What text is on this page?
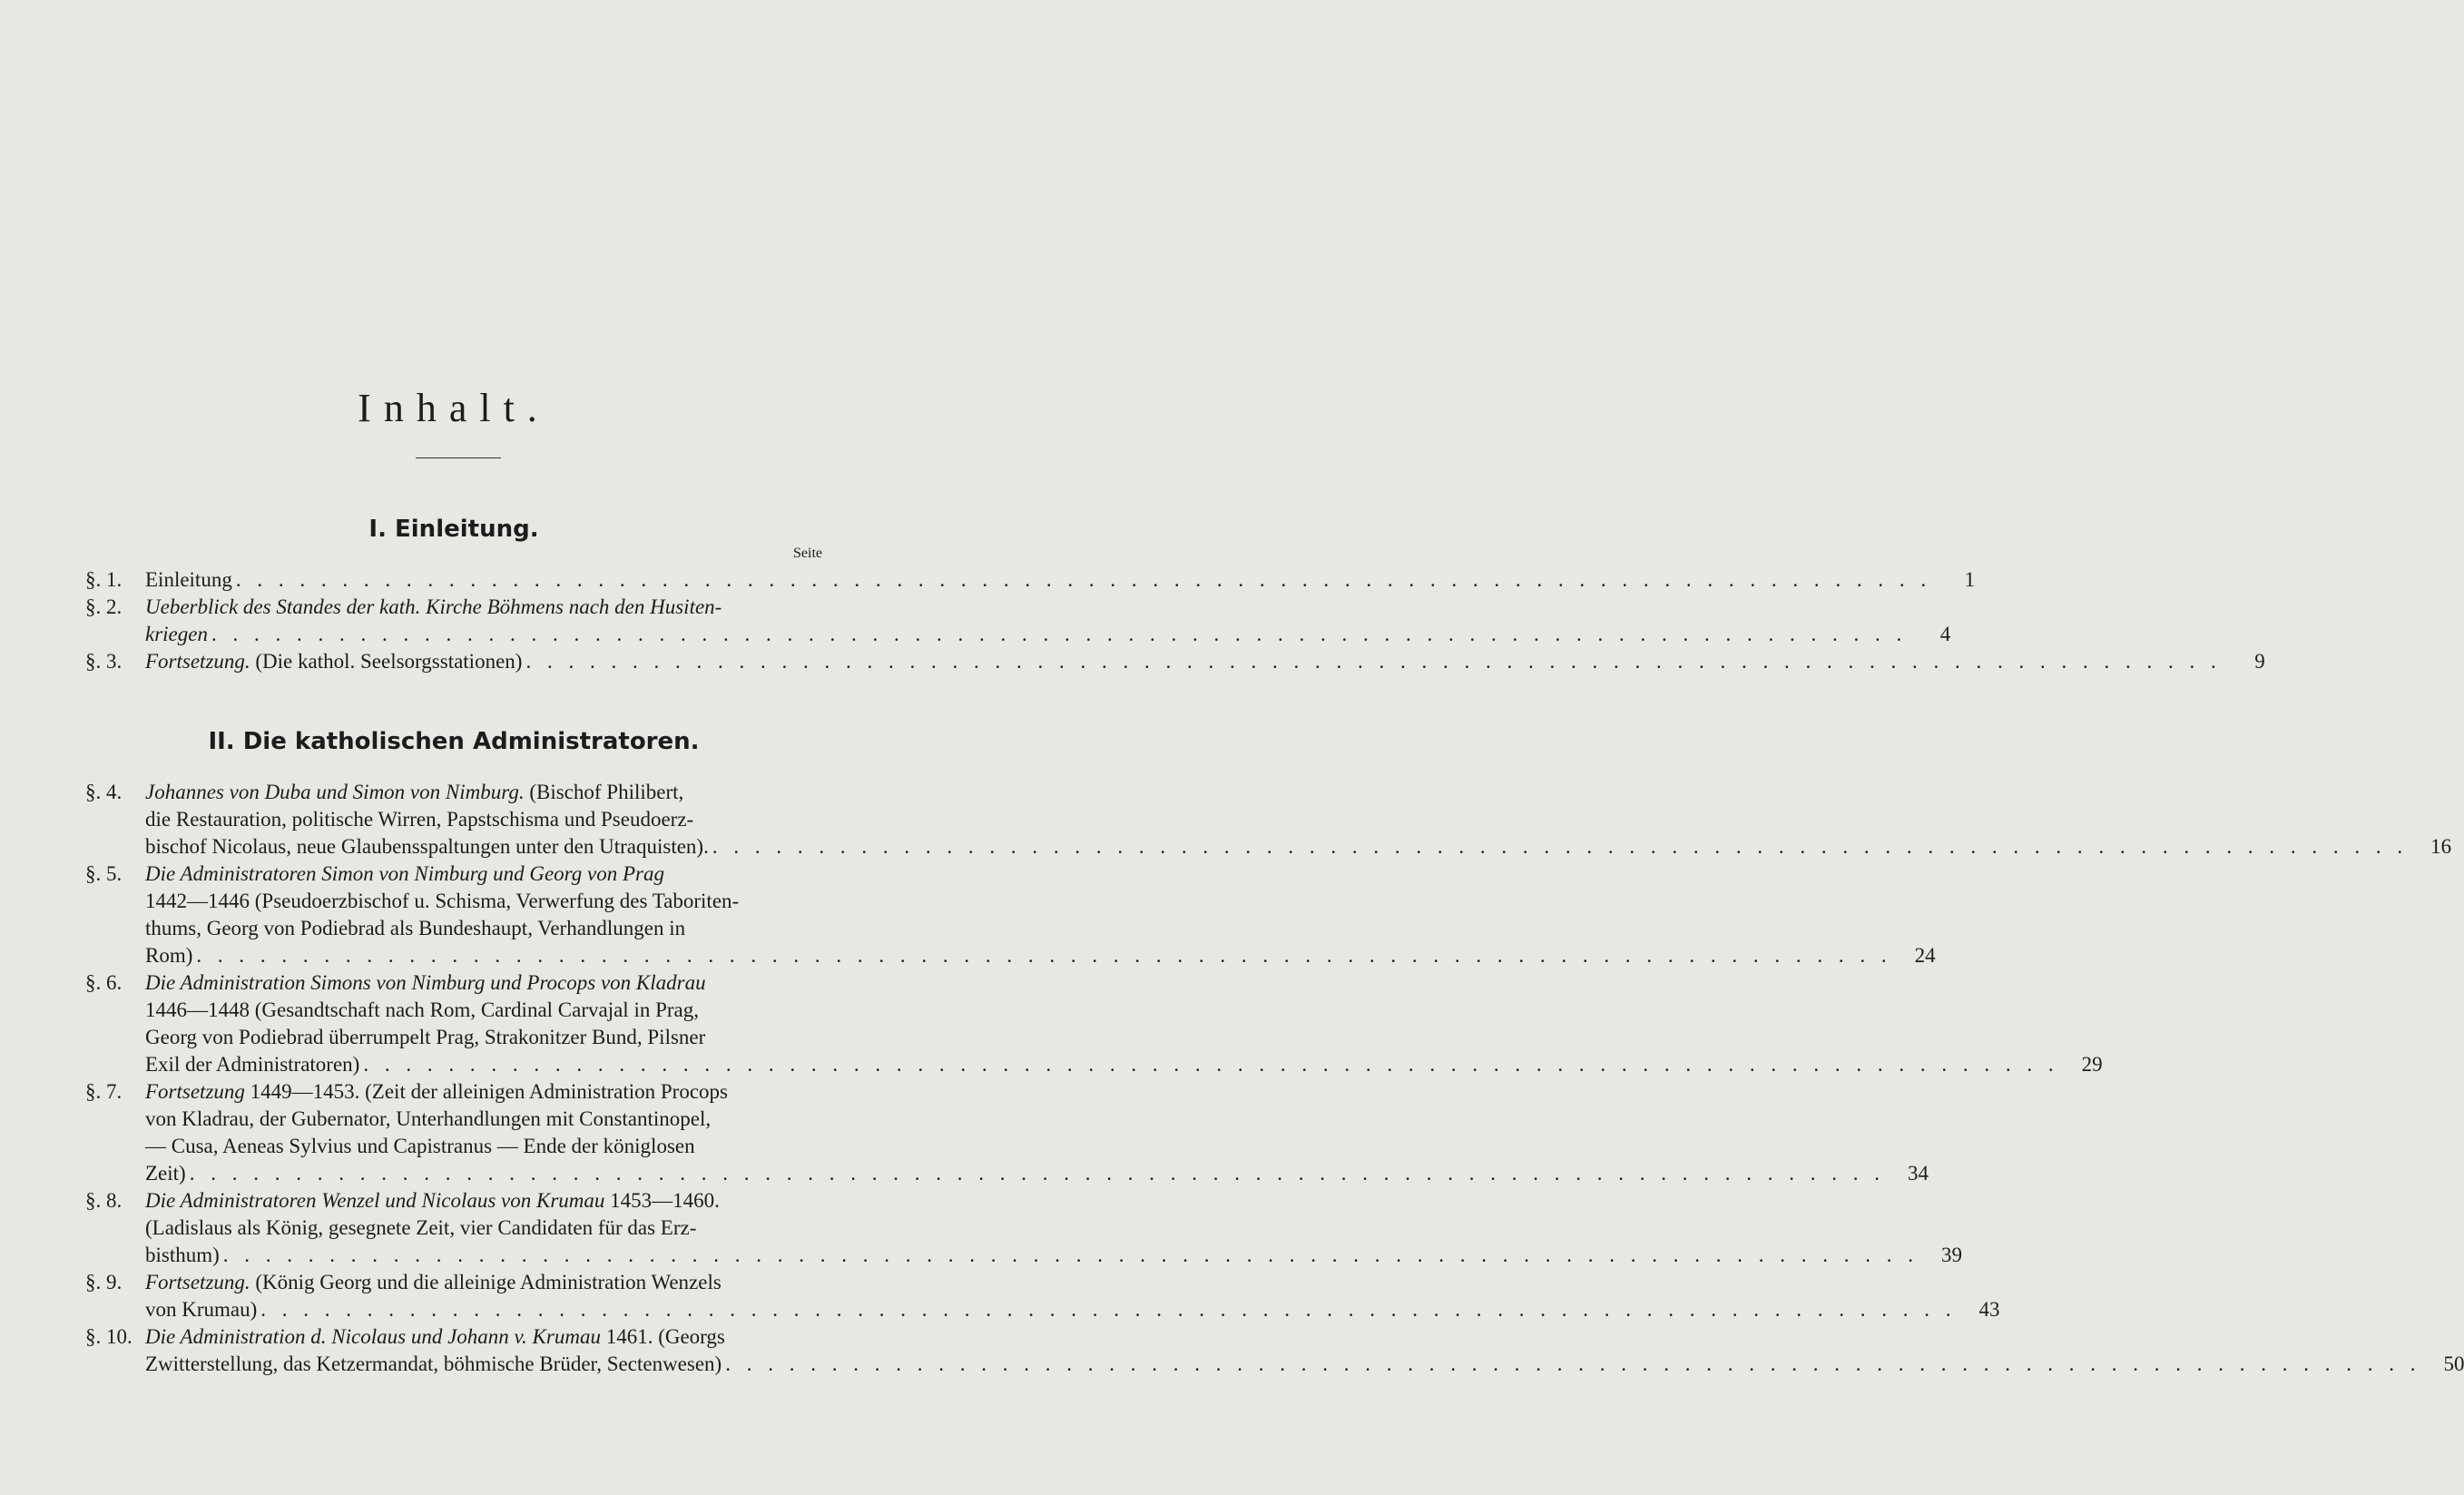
Inhalt.
I. Einleitung.
Seite
§. 1.	Einleitung . . . . . . . . . . . . . . . . . . . . . . . . . . . . . . . . . . . . . . . . . . . . . . . . . . . . . . . . . . . . . . . . . . . . . . . . . . . . . . . .	1
§. 2.	Ueberblick des Standes der kath. Kirche Böhmens nach den Husiten-
kriegen . . . . . . . . . . . . . . . . . . . . . . . . . . . . . . . . . . . . . . . . . . . . . . . . . . . . . . . . . . . . . . . . . . . . . . . . . . . . . . . .	4
§. 3.	Fortsetzung. (Die kathol. Seelsorgsstationen) . . . . . . . . . . . . . . . . . . . . . . . . . . . . . . . . . . . . . . . . . . . . . . . . . . . . . . . . . . . . . . . . . . . . . . . . . . . . . . . .	9
II. Die katholischen Administratoren.
§. 4.	Johannes von Duba und Simon von Nimburg. (Bischof Philibert,
die Restauration, politische Wirren, Papstschisma und Pseudoerz-
bischof Nicolaus, neue Glaubensspaltungen unter den Utraquisten). . . . . . . . . . . . . . . . . . . . . . . . . . . . . . . . . . . . . . . . . . . . . . . . . . . . . . . . . . . . . . . . . . . . . . . . . . . . . . . . .	16
§. 5.	Die Administratoren Simon von Nimburg und Georg von Prag
1442—1446 (Pseudoerzbischof u. Schisma, Verwerfung des Taboriten-
thums, Georg von Podiebrad als Bundeshaupt, Verhandlungen in
Rom) . . . . . . . . . . . . . . . . . . . . . . . . . . . . . . . . . . . . . . . . . . . . . . . . . . . . . . . . . . . . . . . . . . . . . . . . . . . . . . . .	24
§. 6.	Die Administration Simons von Nimburg und Procops von Kladrau
1446—1448 (Gesandtschaft nach Rom, Cardinal Carvajal in Prag,
Georg von Podiebrad überrumpelt Prag, Strakonitzer Bund, Pilsner
Exil der Administratoren) . . . . . . . . . . . . . . . . . . . . . . . . . . . . . . . . . . . . . . . . . . . . . . . . . . . . . . . . . . . . . . . . . . . . . . . . . . . . . . . .	29
§. 7.	Fortsetzung 1449—1453. (Zeit der alleinigen Administration Procops
von Kladrau, der Gubernator, Unterhandlungen mit Constantinopel,
— Cusa, Aeneas Sylvius und Capistranus — Ende der königlosen
Zeit) . . . . . . . . . . . . . . . . . . . . . . . . . . . . . . . . . . . . . . . . . . . . . . . . . . . . . . . . . . . . . . . . . . . . . . . . . . . . . . . .	34
§. 8.	Die Administratoren Wenzel und Nicolaus von Krumau 1453—1460.
(Ladislaus als König, gesegnete Zeit, vier Candidaten für das Erz-
bisthum) . . . . . . . . . . . . . . . . . . . . . . . . . . . . . . . . . . . . . . . . . . . . . . . . . . . . . . . . . . . . . . . . . . . . . . . . . . . . . . . .	39
§. 9.	Fortsetzung. (König Georg und die alleinige Administration Wenzels
von Krumau) . . . . . . . . . . . . . . . . . . . . . . . . . . . . . . . . . . . . . . . . . . . . . . . . . . . . . . . . . . . . . . . . . . . . . . . . . . . . . . . .	43
§. 10. Die Administration d. Nicolaus und Johann v. Krumau 1461. (Georgs
Zwitterstellung, das Ketzermandat, böhmische Brüder, Sectenwesen) . . . . . . . . . . . . . . . . . . . . . . . . . . . . . . . . . . . . . . . . . . . . . . . . . . . . . . . . . . . . . . . . . . . . . . . . . . . . . . . .	50
